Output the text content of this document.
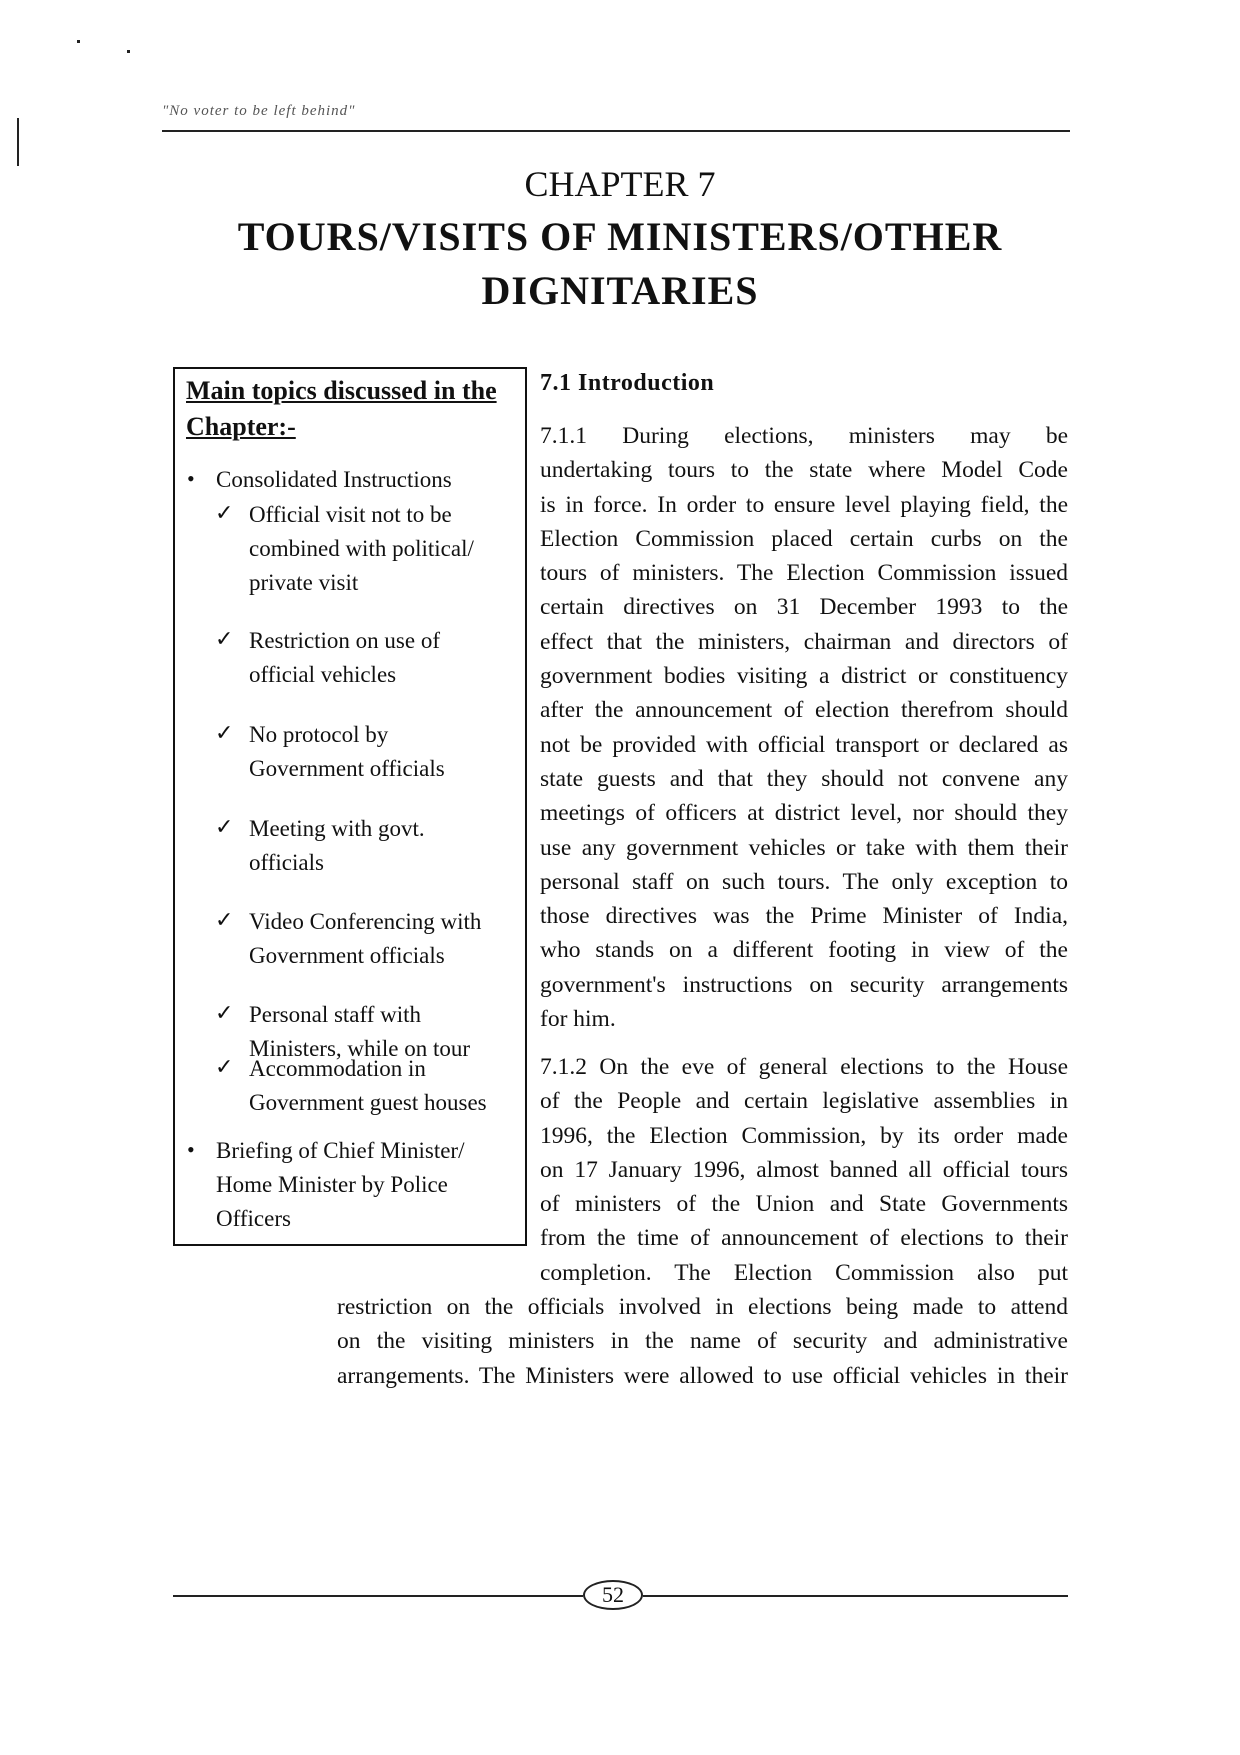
"No voter to be left behind"
CHAPTER 7
TOURS/VISITS OF MINISTERS/OTHER
DIGNITARIES
Main topics discussed in the
Chapter:-
• Consolidated Instructions
✓ Official visit not to be
combined with political/
private visit
✓ Restriction on use of
official vehicles
✓ No protocol by
Government officials
✓ Meeting with govt.
officials
✓ Video Conferencing with
Government officials
✓ Personal staff with
Ministers, while on tour
✓ Accommodation in
Government guest houses
• Briefing of Chief Minister/
Home Minister by Police
Officers
7.1 Introduction
7.1.1 During elections, ministers may be
undertaking tours to the state where Model Code
is in force. In order to ensure level playing field, the
Election Commission placed certain curbs on the
tours of ministers. The Election Commission issued
certain directives on 31 December 1993 to the
effect that the ministers, chairman and directors of
government bodies visiting a district or constituency
after the announcement of election therefrom should
not be provided with official transport or declared as
state guests and that they should not convene any
meetings of officers at district level, nor should they
use any government vehicles or take with them their
personal staff on such tours. The only exception to
those directives was the Prime Minister of India,
who stands on a different footing in view of the
government's instructions on security arrangements
for him.
7.1.2 On the eve of general elections to the House
of the People and certain legislative assemblies in
1996, the Election Commission, by its order made
on 17 January 1996, almost banned all official tours
of ministers of the Union and State Governments
from the time of announcement of elections to their
completion. The Election Commission also put
restriction on the officials involved in elections being made to attend
on the visiting ministers in the name of security and administrative
arrangements. The Ministers were allowed to use official vehicles in their
52
